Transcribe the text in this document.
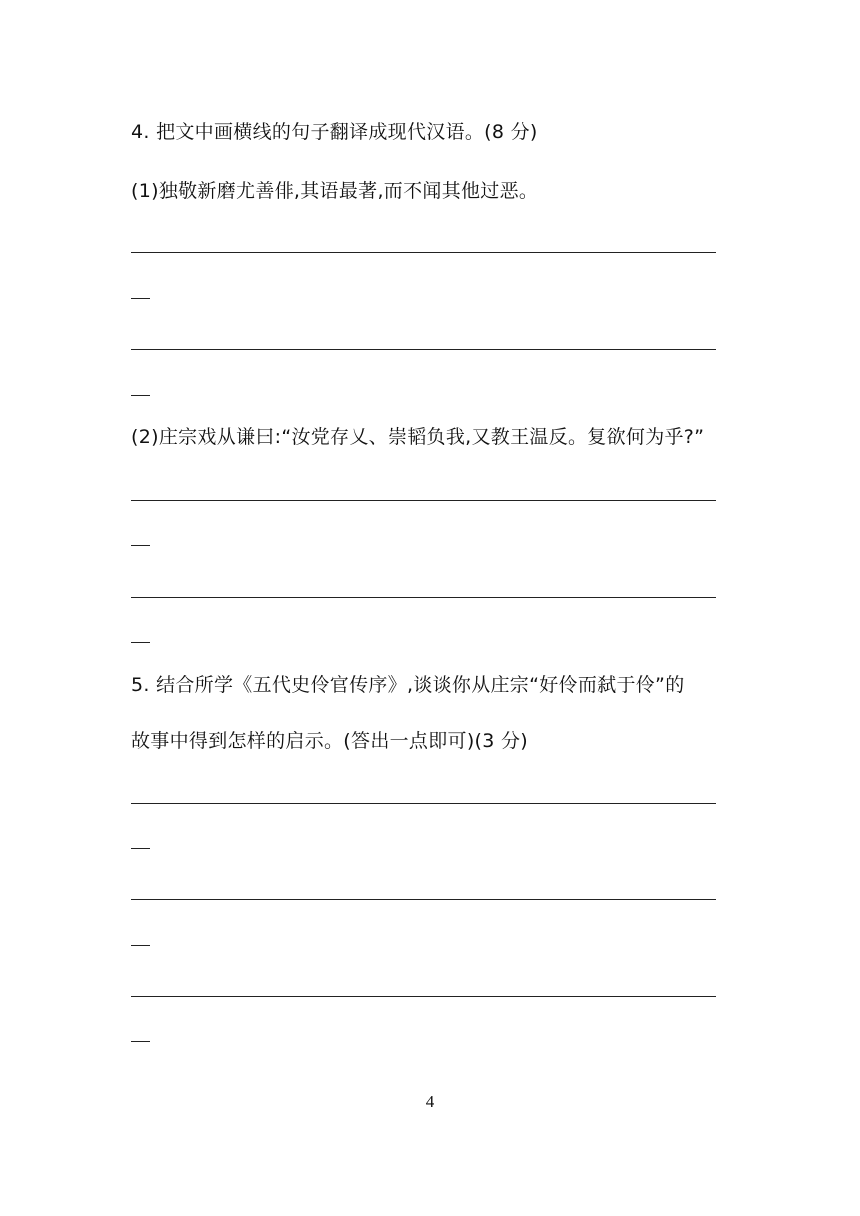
4. 把文中画横线的句子翻译成现代汉语。(8 分)
(1)独敬新磨尤善俳,其语最著,而不闻其他过恶。
(2)庄宗戏从谦曰:“汝党存乂、崇韬负我,又教王温反。复欲何为乎?”
5. 结合所学《五代史伶官传序》,谈谈你从庄宗“好伶而弑于伶”的
故事中得到怎样的启示。(答出一点即可)(3 分)
4
